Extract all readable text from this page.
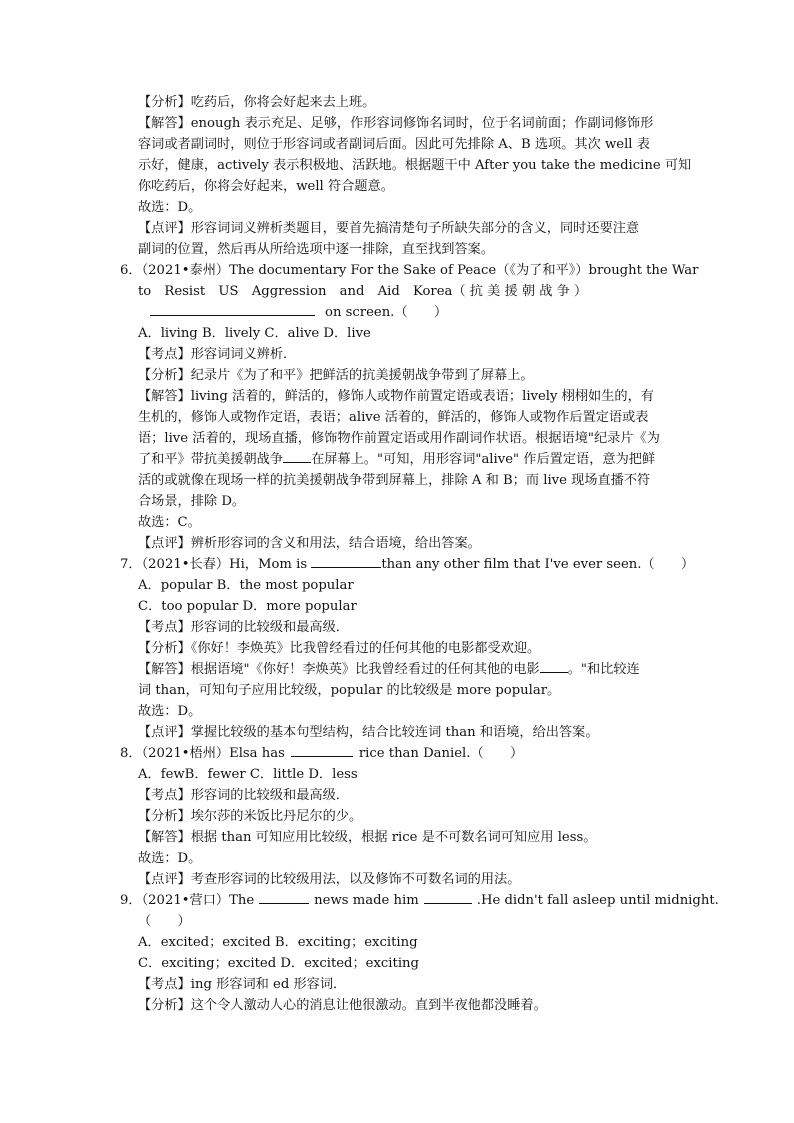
【分析】吃药后，你将会好起来去上班。
【解答】enough 表示充足、足够，作形容词修饰名词时，位于名词前面；作副词修饰形
容词或者副词时，则位于形容词或者副词后面。因此可先排除 A、B 选项。其次 well 表
示好，健康，actively 表示积极地、活跃地。根据题干中 After you take the medicine 可知
你吃药后，你将会好起来，well 符合题意。
故选：D。
【点评】形容词词义辨析类题目，要首先搞清楚句子所缺失部分的含义，同时还要注意
副词的位置，然后再从所给选项中逐一排除，直至找到答案。
6．（2021•泰州）The documentary For the Sake of Peace（《为了和平》）brought the War
to　Resist　US　Aggression　and　Aid　Korea（ 抗 美 援 朝 战 争 ）
on screen.（　　）
A．living B．lively C．alive D．live
【考点】形容词词义辨析．
【分析】纪录片《为了和平》把鲜活的抗美援朝战争带到了屏幕上。
【解答】living 活着的，鲜活的，修饰人或物作前置定语或表语；lively 栩栩如生的，有
生机的，修饰人或物作定语，表语；alive 活着的，鲜活的，修饰人或物作后置定语或表
语；live 活着的，现场直播，修饰物作前置定语或用作副词作状语。根据语境"纪录片《为
了和平》带抗美援朝战争 在屏幕上。"可知，用形容词"alive" 作后置定语，意为把鲜
活的或就像在现场一样的抗美援朝战争带到屏幕上，排除 A 和 B；而 live 现场直播不符
合场景，排除 D。
故选：C。
【点评】辨析形容词的含义和用法，结合语境，给出答案。
7．（2021•长春）Hi，Mom is	than any other film that I've ever seen.（　　）
A．popular B．the most popular
C．too popular D．more popular
【考点】形容词的比较级和最高级．
【分析】《你好！李焕英》比我曾经看过的任何其他的电影都受欢迎。
【解答】根据语境"《你好！李焕英》比我曾经看过的任何其他的电影 。"和比较连
词 than，可知句子应用比较级，popular 的比较级是 more popular。
故选：D。
【点评】掌握比较级的基本句型结构，结合比较连词 than 和语境，给出答案。
8．（2021•梧州）Elsa has	rice than Daniel.（　　）
A．fewB．fewer C．little D．less
【考点】形容词的比较级和最高级．
【分析】埃尔莎的米饭比丹尼尔的少。
【解答】根据 than 可知应用比较级，根据 rice 是不可数名词可知应用 less。
故选：D。
【点评】考查形容词的比较级用法，以及修饰不可数名词的用法。
9．（2021•营口）The	news made him	.He didn't fall asleep until midnight.
（　　）
A．excited；excited B．exciting；exciting
C．exciting；excited D．excited；exciting
【考点】ing 形容词和 ed 形容词．
【分析】这个令人激动人心的消息让他很激动。直到半夜他都没睡着。
